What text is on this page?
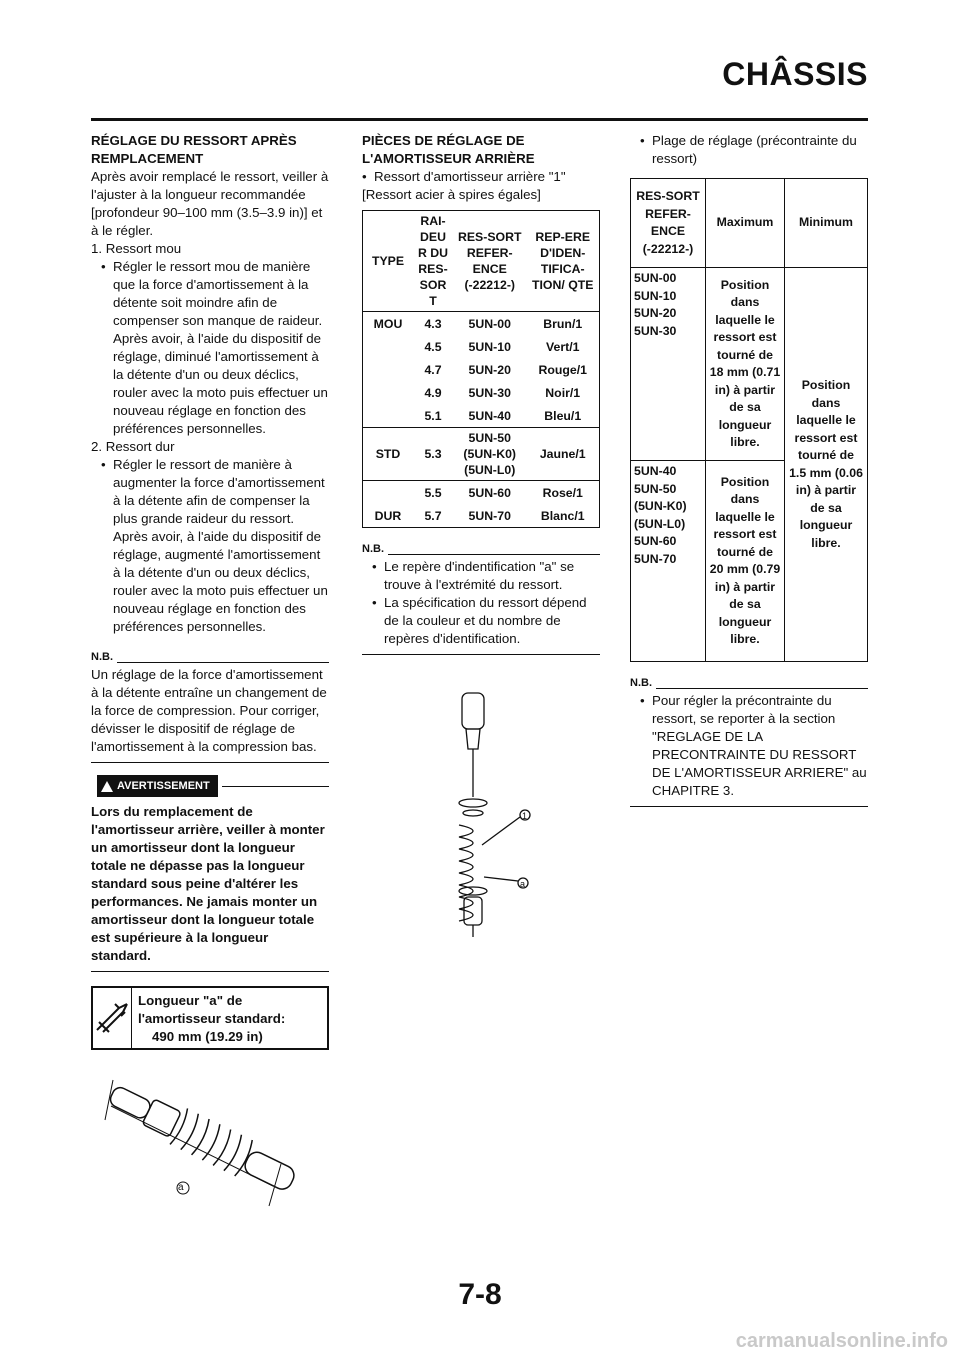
CHÂSSIS
RÉGLAGE DU RESSORT APRÈS
REMPLACEMENT

Après avoir remplacé le ressort, veiller à l'ajuster à la longueur recommandée [profondeur 90–100 mm (3.5–3.9 in)] et à le régler.

1. Ressort mou
• Régler le ressort mou de manière que la force d'amortissement à la détente soit moindre afin de compenser son manque de raideur. Après avoir, à l'aide du dispositif de réglage, diminué l'amortissement à la détente d'un ou deux déclics, rouler avec la moto puis effectuer un nouveau réglage en fonction des préférences personnelles.
2. Ressort dur
• Régler le ressort de manière à augmenter la force d'amortissement à la détente afin de compenser la plus grande raideur du ressort. Après avoir, à l'aide du dispositif de réglage, augmenté l'amortissement à la détente d'un ou deux déclics, rouler avec la moto puis effectuer un nouveau réglage en fonction des préférences personnelles.
N.B.

Un réglage de la force d'amortissement à la détente entraîne un changement de la force de compression. Pour corriger, dévisser le dispositif de réglage de l'amortissement à la compression bas.

AVERTISSEMENT
Lors du remplacement de l'amortisseur arrière, veiller à monter un amortisseur dont la longueur totale ne dépasse pas la longueur standard sous peine d'altérer les performances. Ne jamais monter un amortisseur dont la longueur totale est supérieure à la longueur standard.
Longueur "a" de l'amortisseur standard:
490 mm (19.29 in)
a
PIÈCES DE RÉGLAGE DE
L'AMORTISSEUR ARRIÈRE
• Ressort d'amortisseur arrière "1"
[Ressort acier à spires égales]
TYPE	RAI-DEU R DU RES-SOR T	RES-SORT REFER-ENCE (-22212-)	REP-ERE D'IDEN-TIFICA-TION/ QTE
MOU	4.3	5UN-00	Brun/1
	4.5	5UN-10	Vert/1
	4.7	5UN-20	Rouge/1
	4.9	5UN-30	Noir/1
	5.1	5UN-40	Bleu/1
STD	5.3	5UN-50 (5UN-K0) (5UN-L0)	Jaune/1
	5.5	5UN-60	Rose/1
DUR	5.7	5UN-70	Blanc/1
N.B.
• Le repère d'indentification "a" se trouve à l'extrémité du ressort.
• La spécification du ressort dépend de la couleur et du nombre de repères d'identification.
1
a
• Plage de réglage (précontrainte du ressort)
RES-SORT REFER-ENCE (-22212-)	Maximum	Minimum
5UN-00 5UN-10 5UN-20 5UN-30	Position dans laquelle le ressort est tourné de 18 mm (0.71 in) à partir de sa longueur libre.	Position dans laquelle le ressort est tourné de 1.5 mm (0.06 in) à partir de sa longueur libre.
5UN-40 5UN-50 (5UN-K0) (5UN-L0) 5UN-60 5UN-70	Position dans laquelle le ressort est tourné de 20 mm (0.79 in) à partir de sa longueur libre.	
N.B.
• Pour régler la précontrainte du ressort, se reporter à la section "REGLAGE DE LA PRECONTRAINTE DU RESSORT DE L'AMORTISSEUR ARRIERE" au CHAPITRE 3.
7-8
carmanualsonline.info
